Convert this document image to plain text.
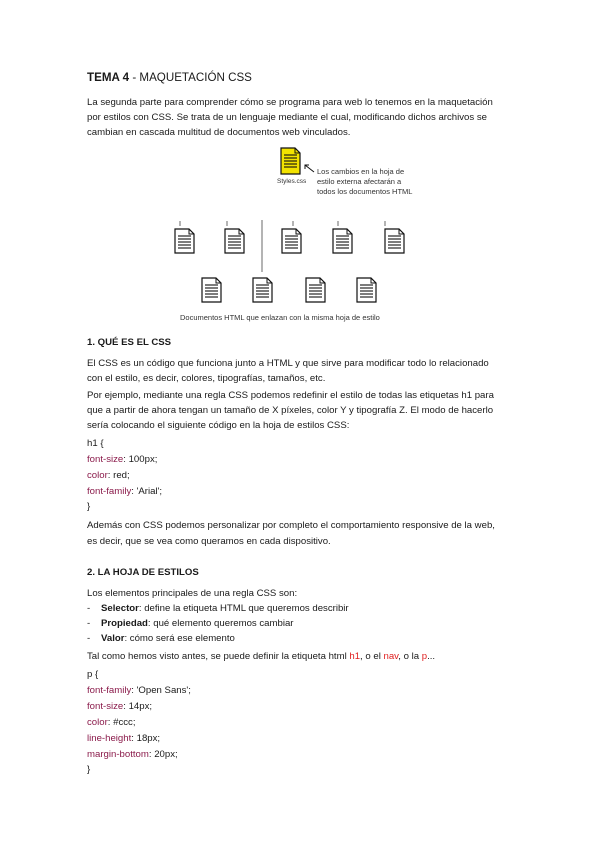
TEMA 4 - MAQUETACIÓN CSS
La segunda parte para comprender cómo se programa para web lo tenemos en la maquetación
por estilos con CSS. Se trata de un lenguaje mediante el cual, modificando dichos archivos se
cambian en cascada multitud de documentos web vinculados.
Styles.css
Los cambios en la hoja de
estilo externa afectarán a
todos los documentos HTML
Documentos HTML que enlazan con la misma hoja de estilo
1. QUÉ ES EL CSS
El CSS es un código que funciona junto a HTML y que sirve para modificar todo lo relacionado
con el estilo, es decir, colores, tipografías, tamaños, etc.
Por ejemplo, mediante una regla CSS podemos redefinir el estilo de todas las etiquetas h1 para
que a partir de ahora tengan un tamaño de X píxeles, color Y y tipografía Z. El modo de hacerlo
sería colocando el siguiente código en la hoja de estilos CSS:
h1 {
font-size: 100px;
color: red;
font-family: 'Arial';
}
Además con CSS podemos personalizar por completo el comportamiento responsive de la web,
es decir, que se vea como queramos en cada dispositivo.
2. LA HOJA DE ESTILOS
Los elementos principales de una regla CSS son:
- Selector: define la etiqueta HTML que queremos describir
- Propiedad: qué elemento queremos cambiar
- Valor: cómo será ese elemento
Tal como hemos visto antes, se puede definir la etiqueta html h1, o el nav, o la p...
p {
font-family: 'Open Sans';
font-size: 14px;
color: #ccc;
line-height: 18px;
margin-bottom: 20px;
}
